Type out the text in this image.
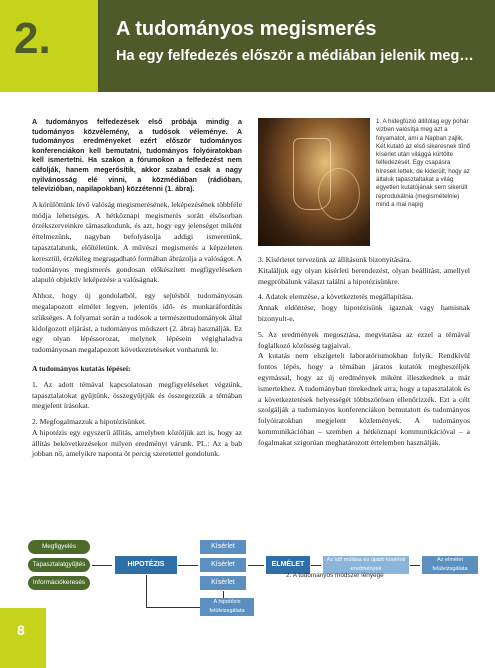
2.	A tudományos megismerés
Ha egy felfedezés először a médiában jelenik meg…

A tudományos felfedezések első próbája mindig a tudományos közvélemény, a tudósok véleménye. A tudományos eredményeket ezért először tudományos konferenciákon kell bemutatni, tudományos folyóiratokban kell ismertetni. Ha szakon a fórumokon a felfedezést nem cáfolják, hanem megerősítik, akkor szabad csak a nagy nyilvánosság elé vinni, a közmédiában (rádióban, televízióban, napilapokban) közzétenni (1. ábra).

A körülöttünk lévő valóság megismerésének, leképezésének többféle módja lehetséges. A hétköznapi megismerés során elsősorban érzékszerveinkre támaszkodunk, és azt, hogy egy jelenséget miként értelmezünk, nagyban befolyásolja addigi ismeretünk, tapasztalatunk, előítéletünk. A művészi megismerés a képzeleten keresztül, érzékileg megragadható formában ábrázolja a valóságot. A tudományos megismerés gondosan előkészített megfigyeléseken alapuló objektív leképezése a valóságnak.

Ahhoz, hogy új gondolatból, egy sejtésből tudományosan megalapozott elmélet legyen, jelentős idő- és munkaráfordítás szükséges. A folyamat során a tudósok a természettudományok által kidolgozott eljárást, a tudományos módszert (2. ábra) használják. Ez egy olyan lépéssorozat, melynek lépésein végighaladva tudományosan megalapozott következtetéseket vonhatunk le.

A tudományos kutatás lépései:

1. Az adott témával kapcsolatosan megfigyeléseket végzünk, tapasztalatokat gyűjtünk, összegyűjtjük és összegezzük a témában megjelent írásokat.

2. Megfogalmazzuk a hipotézisünket.
A hipotézis egy egyszerű állítás, amelyben közöljük azt is, hogy az állítás bekövetkezésekor milyen eredményt várunk. PL.: Az a bab jobban nő, amelyikre naponta öt percig szeretettel gondolunk.

1. A hidegfúzió állítólag egy pohár vízben valósítja meg azt a folyamatot, ami a Napban zajlik. Két kutató az első sikeresnek tűnő kísérlet után világgá kürtölte felfedezését. Egy csapásra híresek lettek, de kiderült, hogy az általuk tapasztaltakat a világ egyetlen kutatójának sem sikerült reprodukálnia (megismételnie) mind a mai napig

3. Kísérletet tervezünk az állításunk bizonyítására.
Kitaláljuk egy olyan kísérleti berendezést, olyan beállítást, amellyel megpróbálunk választ találni a hipotézisünkre.

4. Adatok elemzése, a következtetés megállapítása.
Annak eldöntése, hogy hipotézisünk igaznak vagy hamisnak bizonyult-e.

5. Az eredmények megosztása, megvitatása az ezzel a témával foglalkozó közösség tagjaival.
A kutatás nem elszigetelt laboratóriumokban folyik. Rendkívül fontos lépés, hogy a témában járatos kutatók megbeszéljék egymással, hogy az új eredmények miként illeszkednek a már ismertekhez. A tudományban törekednek arra, hogy a tapasztalatok és a következtetések helyességét többszörösen ellenőrizzék. Ezt a célt szolgálják a tudományos konferenciákon bemutatott és tudományos folyóiratokban megjelent közlemények. A tudományos kommunikációban – szemben a hétköznapi kommunikációval – a fogalmakat szigorúan meghatározott értelemben használják.

Megfigyelés
Tapasztalatgyűjtés
Információkeresés
HIPOTÉZIS
Kísérlet
Kísérlet
Kísérlet
ELMÉLET
Az idő múlása és újabb kísérleti eredmények
Az elmélet felülvizsgálata
A hipotézis felülvizsgálata
2. A tudományos módszer lényege
8
